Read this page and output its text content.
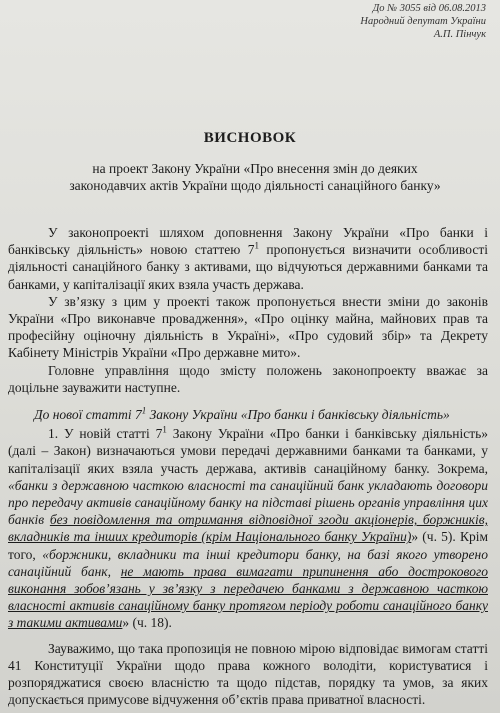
До № 3055 від 06.08.2013
Народний депутат України
А.П. Пінчук
ВИСНОВОК
на проект Закону України «Про внесення змін до деяких законодавчих актів України щодо діяльності санаційного банку»

У законопроекті шляхом доповнення Закону України «Про банки і банківську діяльність» новою статтею $7^1$ пропонується визначити особливості діяльності санаційного банку з активами, що відчуються державними банками та банками, у капіталізації яких взяла участь держава.

У зв’язку з цим у проекті також пропонується внести зміни до законів України «Про виконавче провадження», «Про оцінку майна, майнових прав та професійну оціночну діяльність в Україні», «Про судовий збір» та Декрету Кабінету Міністрів України «Про державне мито».

Головне управління щодо змісту положень законопроекту вважає за доцільне зауважити наступне.

До нової статті $7^1$ Закону України «Про банки і банківську діяльність»

1. У новій статті $7^1$ Закону України «Про банки і банківську діяльність» (далі – Закон) визначаються умови передачі державними банками та банками, у капіталізації яких взяла участь держава, активів санаційному банку. Зокрема, «банки з державною часткою власності та санаційний банк укладають договори про передачу активів санаційному банку на підставі рішень органів управління цих банків без повідомлення та отримання відповідної згоди акціонерів, боржників, вкладників та інших кредиторів (крім Національного банку України)» (ч. 5). Крім того, «боржники, вкладники та інші кредитори банку, на базі якого утворено санаційний банк, не мають права вимагати припинення або дострокового виконання зобов’язань у зв’язку з передачею банками з державною часткою власності активів санаційному банку протягом періоду роботи санаційного банку з такими активами» (ч. 18).

Зауважимо, що така пропозиція не повною мірою відповідає вимогам статті 41 Конституції України щодо права кожного володіти, користуватися і розпоряджатися своєю власністю та щодо підстав, порядку та умов, за яких допускається примусове відчуження об’єктів права приватної власності.
